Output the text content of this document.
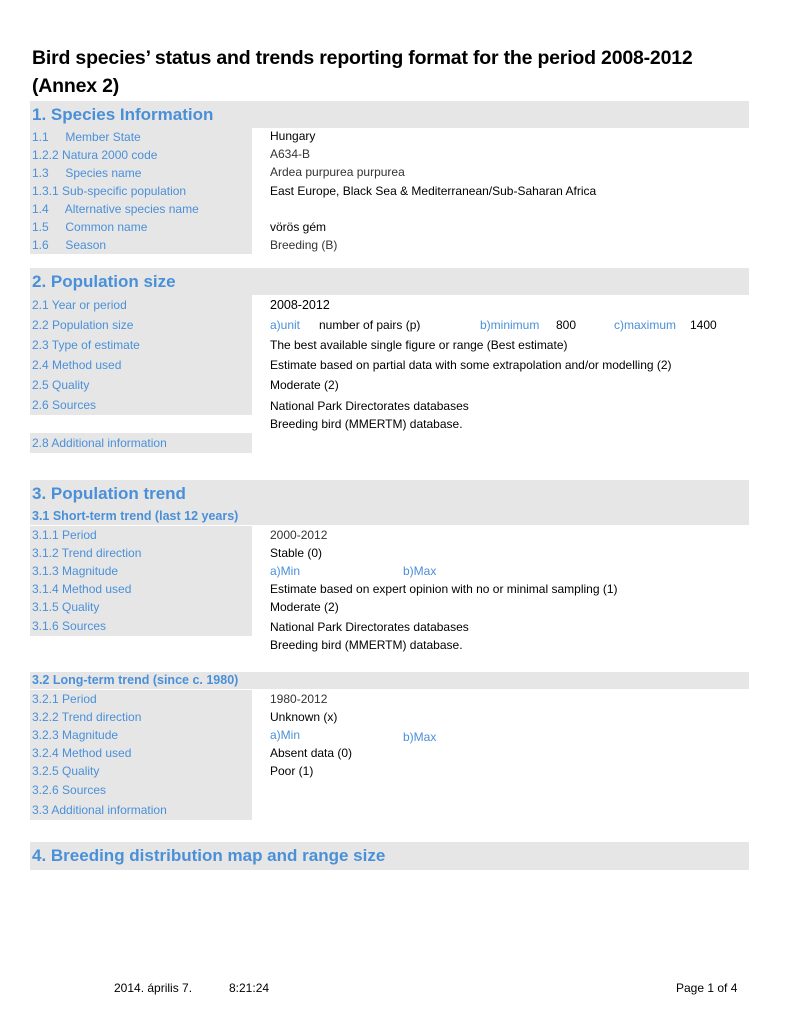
Bird species’ status and trends reporting format for the period 2008-2012
(Annex 2)
1. Species Information
1.1     Member State	Hungary
1.2.2 Natura 2000 code	A634-B
1.3     Species name	Ardea purpurea purpurea
1.3.1 Sub-specific population	East Europe, Black Sea & Mediterranean/Sub-Saharan Africa
1.4     Alternative species name
1.5     Common name	vörös gém
1.6     Season	Breeding (B)
2. Population size
2.1 Year or period	2008-2012
2.2 Population size	a)unit number of pairs (p)	b)minimum 800	c)maximum 1400
2.3 Type of estimate	The best available single figure or range (Best estimate)
2.4 Method used	Estimate based on partial data with some extrapolation and/or modelling (2)
2.5 Quality	Moderate (2)
2.6 Sources	National Park Directorates databases
Breeding bird (MMERTM) database.
2.8 Additional information
3. Population trend
3.1 Short-term trend (last 12 years)
3.1.1 Period	2000-2012
3.1.2 Trend direction	Stable (0)
3.1.3 Magnitude	a)Min	b)Max
3.1.4 Method used	Estimate based on expert opinion with no or minimal sampling (1)
3.1.5 Quality	Moderate (2)
3.1.6 Sources	National Park Directorates databases
Breeding bird (MMERTM) database.
3.2 Long-term trend (since c. 1980)
3.2.1 Period	1980-2012
3.2.2 Trend direction	Unknown (x)
3.2.3 Magnitude	a)Min	b)Max
3.2.4 Method used	Absent data (0)
3.2.5 Quality	Poor (1)
3.2.6 Sources
3.3 Additional information
4. Breeding distribution map and range size
2014. április 7.	8:21:24	Page 1 of 4
